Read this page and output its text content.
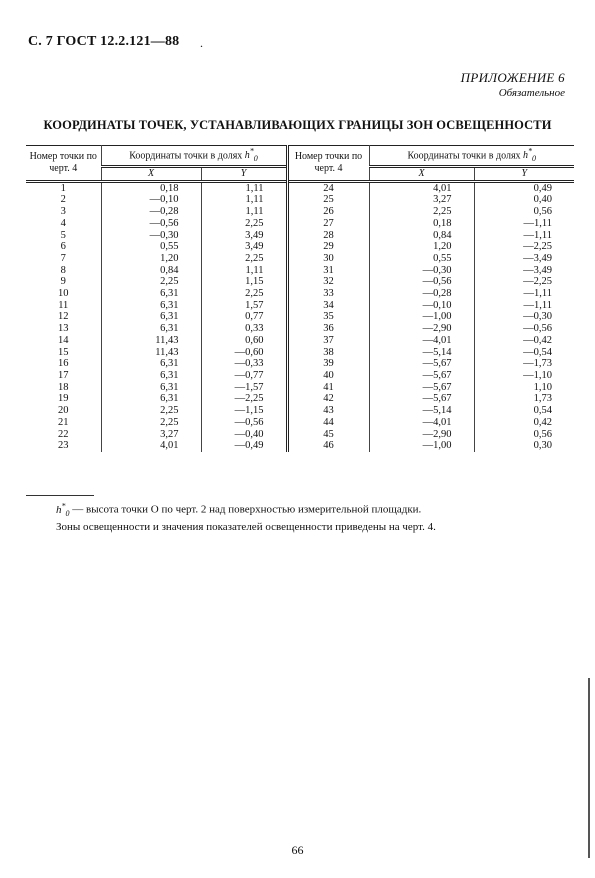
С. 7 ГОСТ 12.2.121—88 .
ПРИЛОЖЕНИЕ 6
Обязательное
КООРДИНАТЫ ТОЧЕК, УСТАНАВЛИВАЮЩИХ ГРАНИЦЫ ЗОН ОСВЕЩЕННОСТИ
Номер точки по черт. 4	Координаты точки в долях $h^*_0$		Номер точки по черт. 4	Координаты точки в долях $h^*_0$
	X	Y		X	Y
1	0,18	1,11	24	4,01	0,49
2	—0,10	1,11	25	3,27	0,40
3	—0,28	1,11	26	2,25	0,56
4	—0,56	2,25	27	0,18	—1,11
5	—0,30	3,49	28	0,84	—1,11
6	0,55	3,49	29	1,20	—2,25
7	1,20	2,25	30	0,55	—3,49
8	0,84	1,11	31	—0,30	—3,49
9	2,25	1,15	32	—0,56	—2,25
10	6,31	2,25	33	—0,28	—1,11
11	6,31	1,57	34	—0,10	—1,11
12	6,31	0,77	35	—1,00	—0,30
13	6,31	0,33	36	—2,90	—0,56
14	11,43	0,60	37	—4,01	—0,42
15	11,43	—0,60	38	—5,14	—0,54
16	6,31	—0,33	39	—5,67	—1,73
17	6,31	—0,77	40	—5,67	—1,10
18	6,31	—1,57	41	—5,67	1,10
19	6,31	—2,25	42	—5,67	1,73
20	2,25	—1,15	43	—5,14	0,54
21	2,25	—0,56	44	—4,01	0,42
22	3,27	—0,40	45	—2,90	0,56
23	4,01	—0,49	46	—1,00	0,30
$h^*_0$ — высота точки О по черт. 2 над поверхностью измерительной площадки.
Зоны освещенности и значения показателей освещенности приведены на черт. 4.
66
